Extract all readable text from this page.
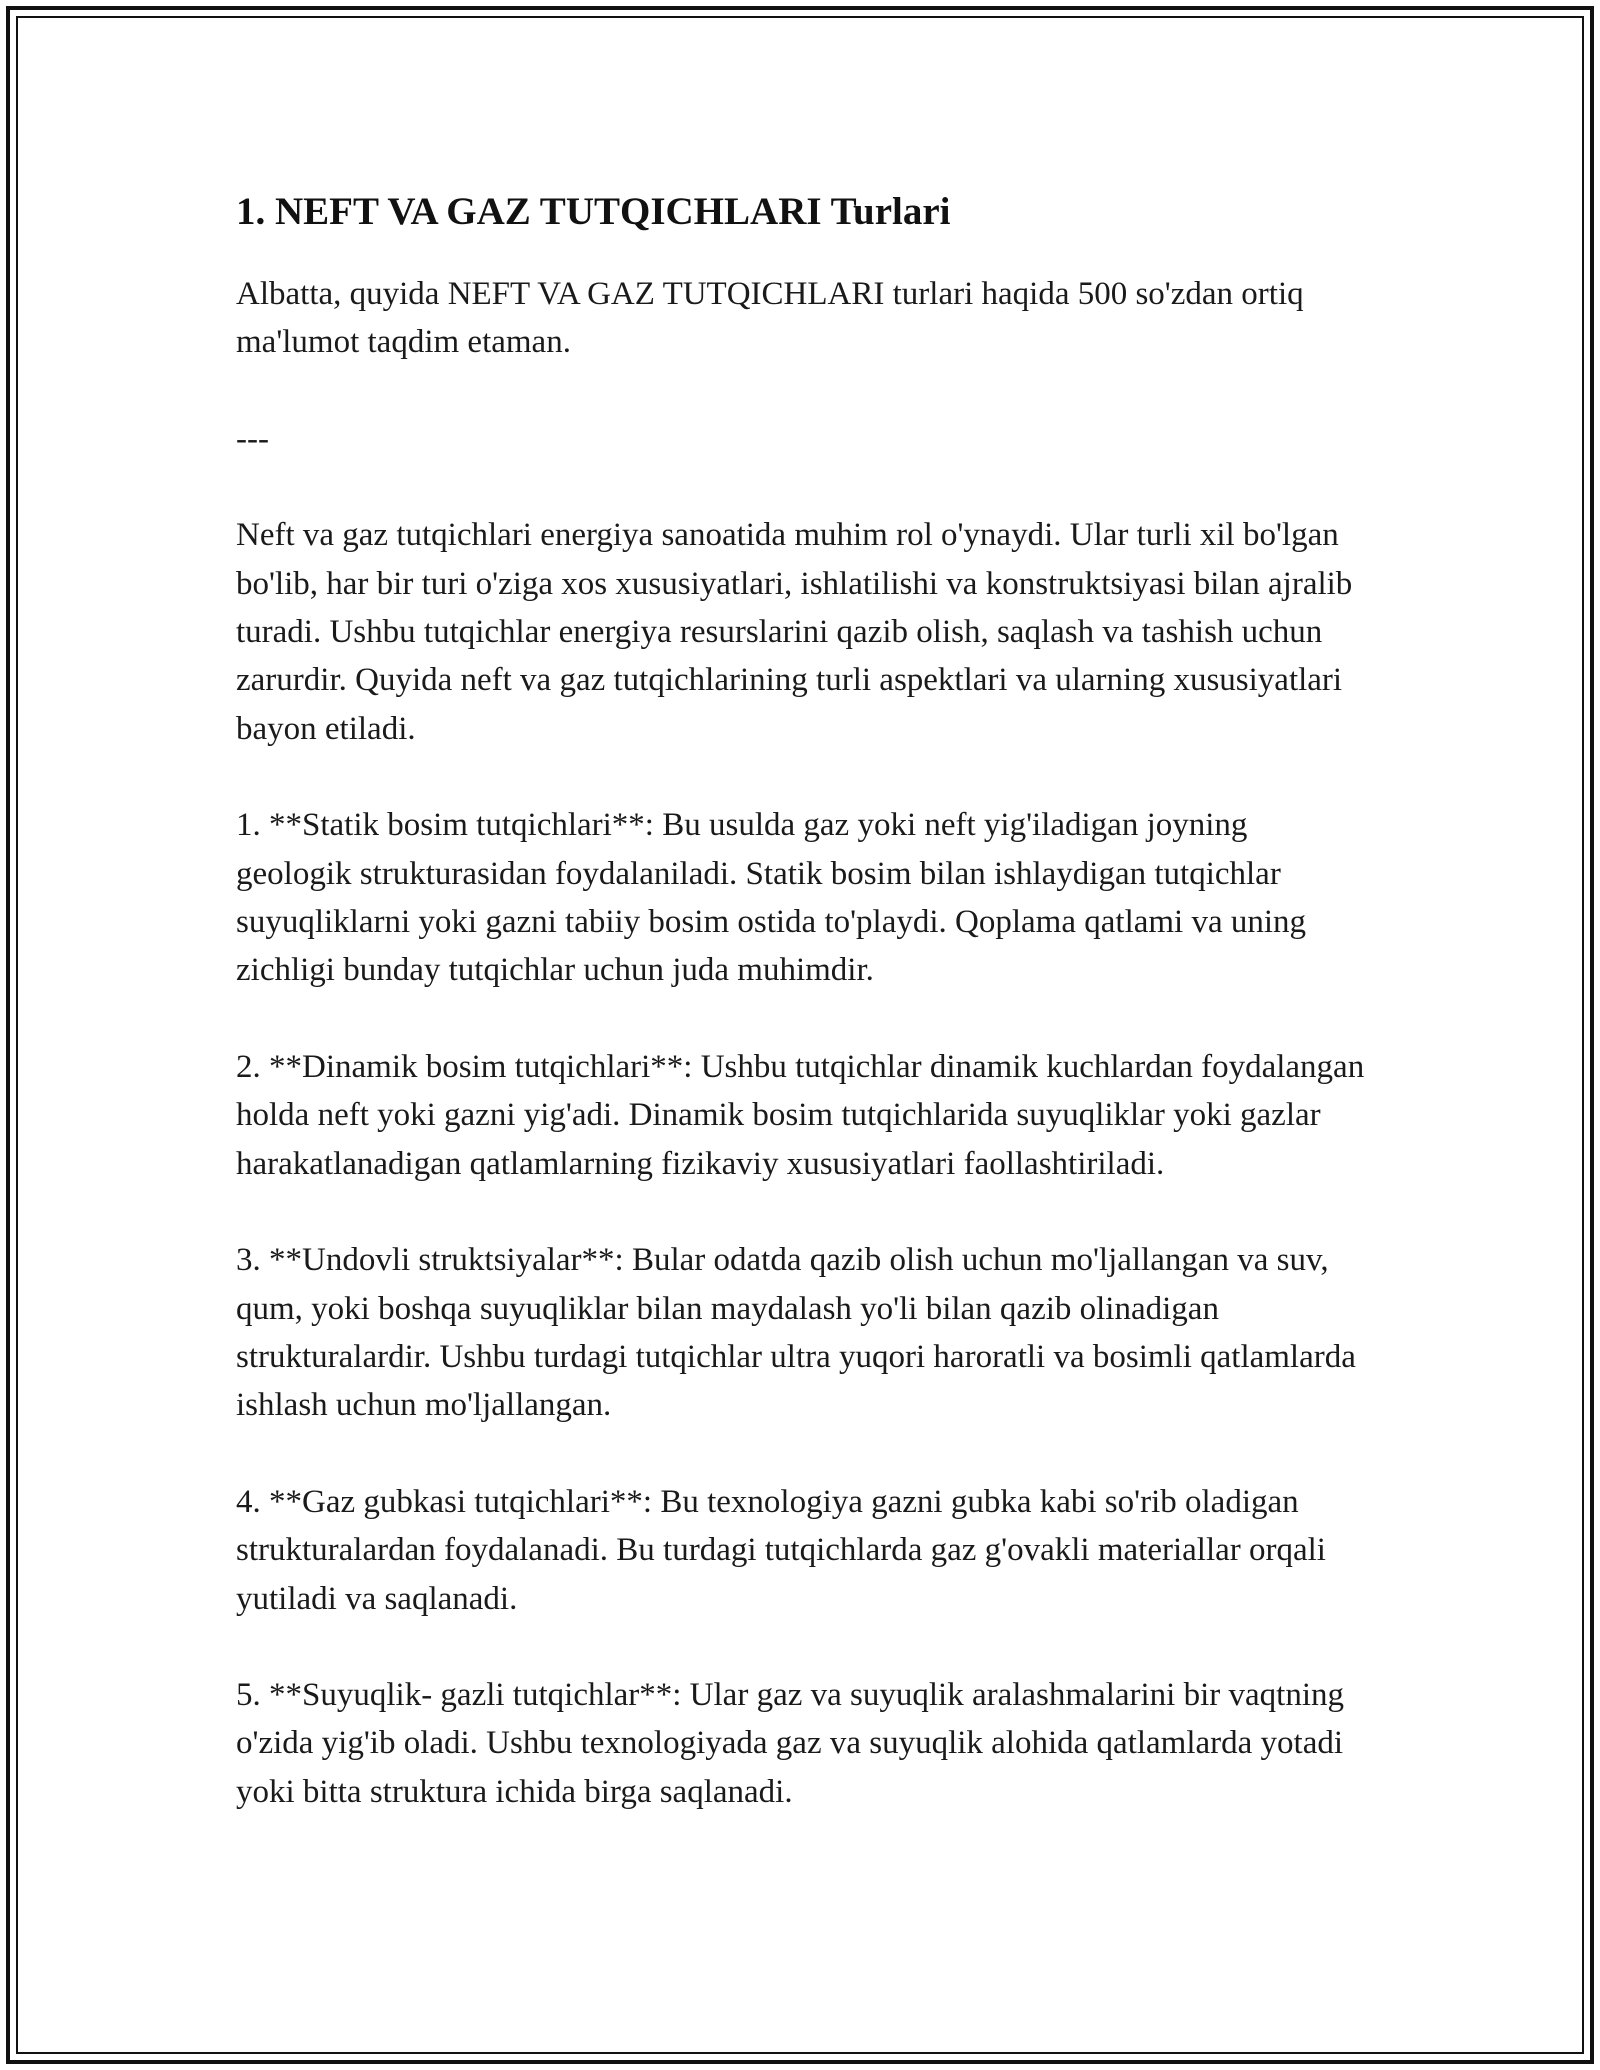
1. NEFT VA GAZ TUTQICHLARI Turlari

Albatta, quyida NEFT VA GAZ TUTQICHLARI turlari haqida 500 so'zdan ortiq ma'lumot taqdim etaman.

---

Neft va gaz tutqichlari energiya sanoatida muhim rol o'ynaydi. Ular turli xil bo'lgan bo'lib, har bir turi o'ziga xos xususiyatlari, ishlatilishi va konstruktsiyasi bilan ajralib turadi. Ushbu tutqichlar energiya resurslarini qazib olish, saqlash va tashish uchun zarurdir. Quyida neft va gaz tutqichlarining turli aspektlari va ularning xususiyatlari bayon etiladi.

1. **Statik bosim tutqichlari**: Bu usulda gaz yoki neft yig'iladigan joyning geologik strukturasidan foydalaniladi. Statik bosim bilan ishlaydigan tutqichlar suyuqliklarni yoki gazni tabiiy bosim ostida to'playdi. Qoplama qatlami va uning zichligi bunday tutqichlar uchun juda muhimdir.

2. **Dinamik bosim tutqichlari**: Ushbu tutqichlar dinamik kuchlardan foydalangan holda neft yoki gazni yig'adi. Dinamik bosim tutqichlarida suyuqliklar yoki gazlar harakatlanadigan qatlamlarning fizikaviy xususiyatlari faollashtiriladi.

3. **Undovli struktsiyalar**: Bular odatda qazib olish uchun mo'ljallangan va suv, qum, yoki boshqa suyuqliklar bilan maydalash yo'li bilan qazib olinadigan strukturalardir. Ushbu turdagi tutqichlar ultra yuqori haroratli va bosimli qatlamlarda ishlash uchun mo'ljallangan.

4. **Gaz gubkasi tutqichlari**: Bu texnologiya gazni gubka kabi so'rib oladigan strukturalardan foydalanadi. Bu turdagi tutqichlarda gaz g'ovakli materiallar orqali yutiladi va saqlanadi.

5. **Suyuqlik- gazli tutqichlar**: Ular gaz va suyuqlik aralashmalarini bir vaqtning o'zida yig'ib oladi. Ushbu texnologiyada gaz va suyuqlik alohida qatlamlarda yotadi yoki bitta struktura ichida birga saqlanadi.
